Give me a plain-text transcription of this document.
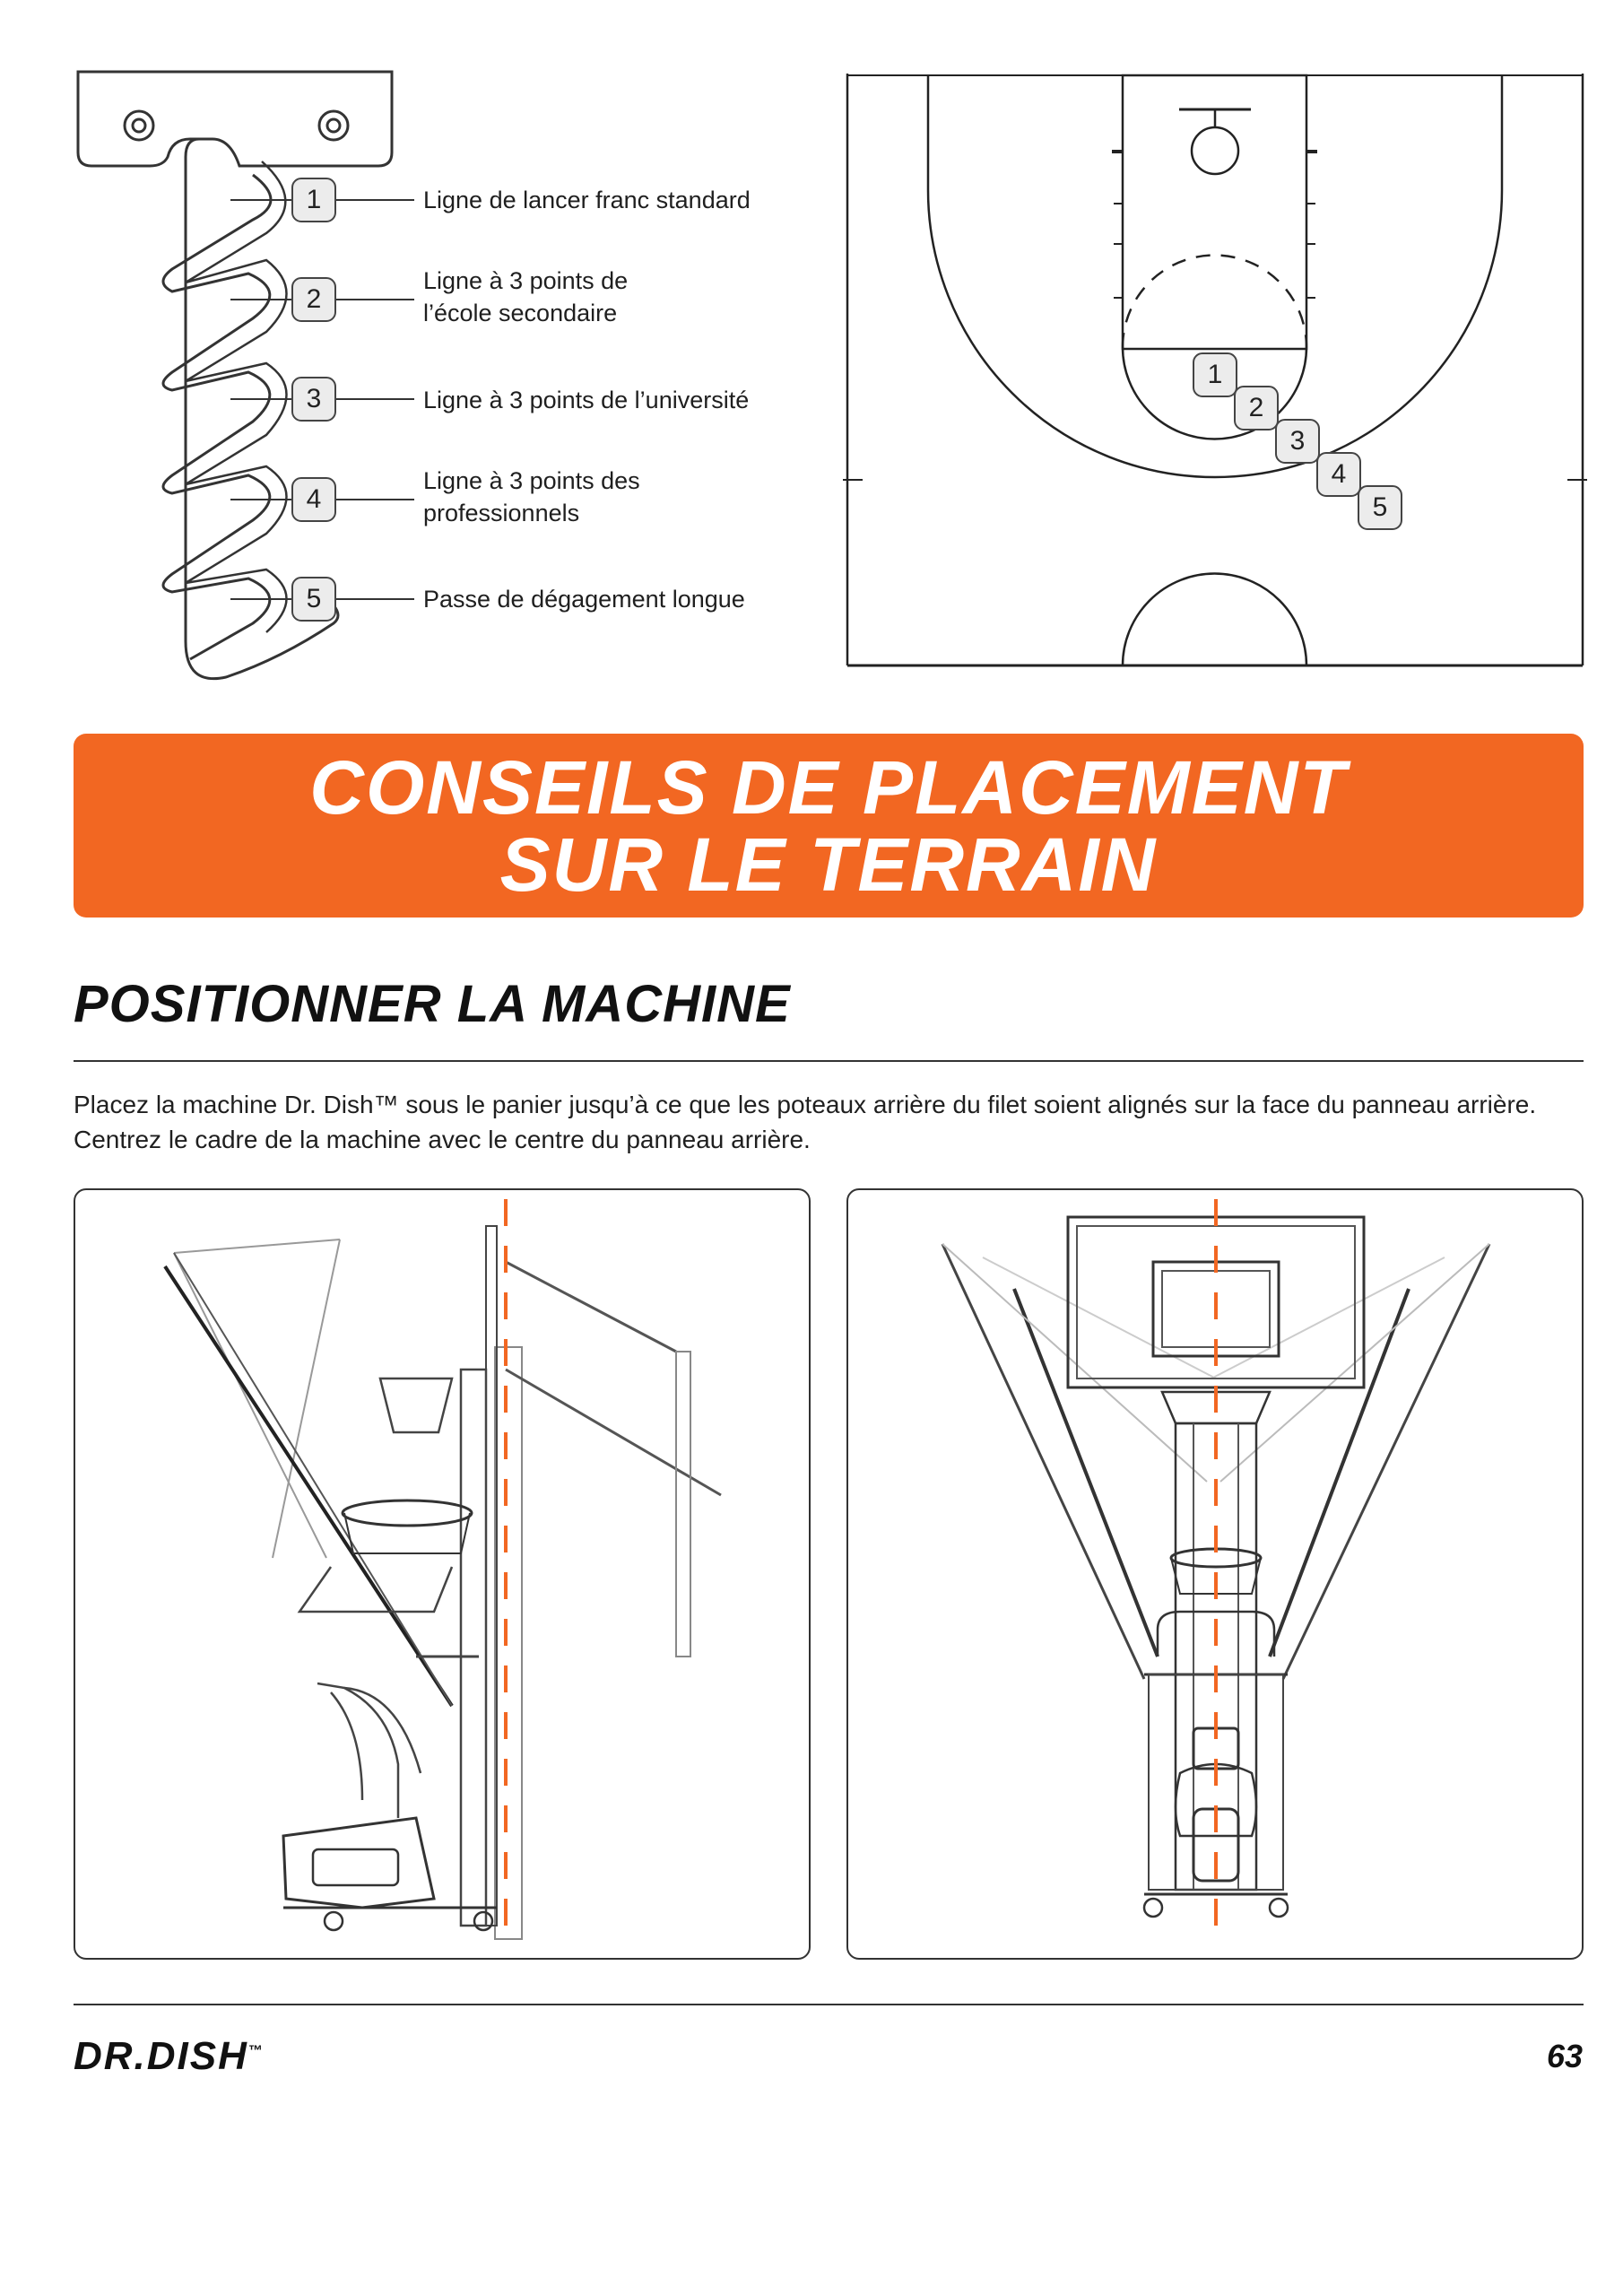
1
2
3
4
5
Ligne de lancer franc standard
Ligne à 3 points de
l’école secondaire
Ligne à 3 points de l’université
Ligne à 3 points des
professionnels
Passe de dégagement longue
1
2
3
4
5
CONSEILS DE PLACEMENT
SUR LE TERRAIN
POSITIONNER LA MACHINE
Placez la machine Dr. Dish™ sous le panier jusqu’à ce que les poteaux arrière du filet soient alignés sur la face du panneau arrière. Centrez le cadre de la machine avec le centre du panneau arrière.
DR.DISH™	63
